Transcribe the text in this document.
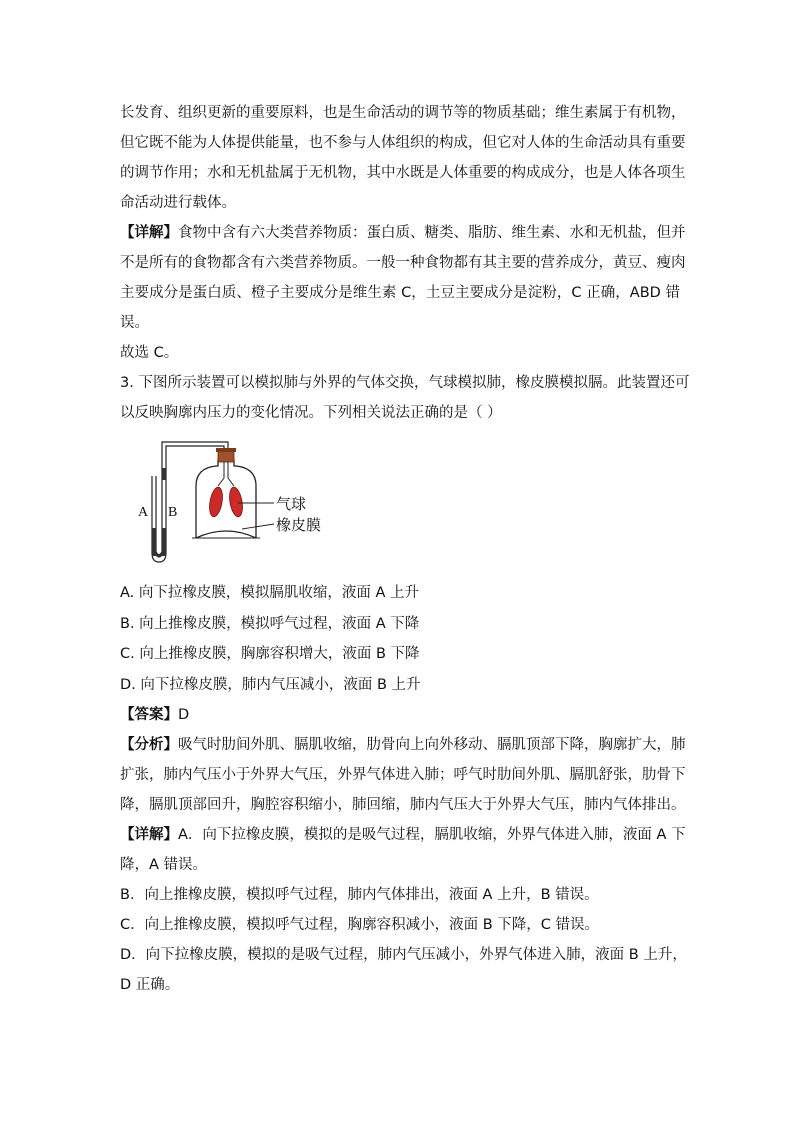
长发育、组织更新的重要原料，也是生命活动的调节等的物质基础；维生素属于有机物，
但它既不能为人体提供能量，也不参与人体组织的构成，但它对人体的生命活动具有重要
的调节作用；水和无机盐属于无机物，其中水既是人体重要的构成成分，也是人体各项生
命活动进行载体。
【详解】食物中含有六大类营养物质：蛋白质、糖类、脂肪、维生素、水和无机盐，但并
不是所有的食物都含有六类营养物质。一般一种食物都有其主要的营养成分，黄豆、瘦肉
主要成分是蛋白质、橙子主要成分是维生素 C，土豆主要成分是淀粉，C 正确，ABD 错
误。
故选 C。
3. 下图所示装置可以模拟肺与外界的气体交换，气球模拟肺，橡皮膜模拟膈。此装置还可
以反映胸廓内压力的变化情况。下列相关说法正确的是（ ）
A B	气球
橡皮膜
A. 向下拉橡皮膜，模拟膈肌收缩，液面 A 上升
B. 向上推橡皮膜，模拟呼气过程，液面 A 下降
C. 向上推橡皮膜，胸廓容积增大，液面 B 下降
D. 向下拉橡皮膜，肺内气压减小，液面 B 上升
【答案】D
【分析】吸气时肋间外肌、膈肌收缩，肋骨向上向外移动、膈肌顶部下降，胸廓扩大，肺
扩张，肺内气压小于外界大气压，外界气体进入肺；呼气时肋间外肌、膈肌舒张，肋骨下
降，膈肌顶部回升，胸腔容积缩小，肺回缩，肺内气压大于外界大气压，肺内气体排出。
【详解】A．向下拉橡皮膜，模拟的是吸气过程，膈肌收缩，外界气体进入肺，液面 A 下
降，A 错误。
B．向上推橡皮膜，模拟呼气过程，肺内气体排出，液面 A 上升，B 错误。
C．向上推橡皮膜，模拟呼气过程，胸廓容积减小，液面 B 下降，C 错误。
D．向下拉橡皮膜，模拟的是吸气过程，肺内气压减小，外界气体进入肺，液面 B 上升，
D 正确。
